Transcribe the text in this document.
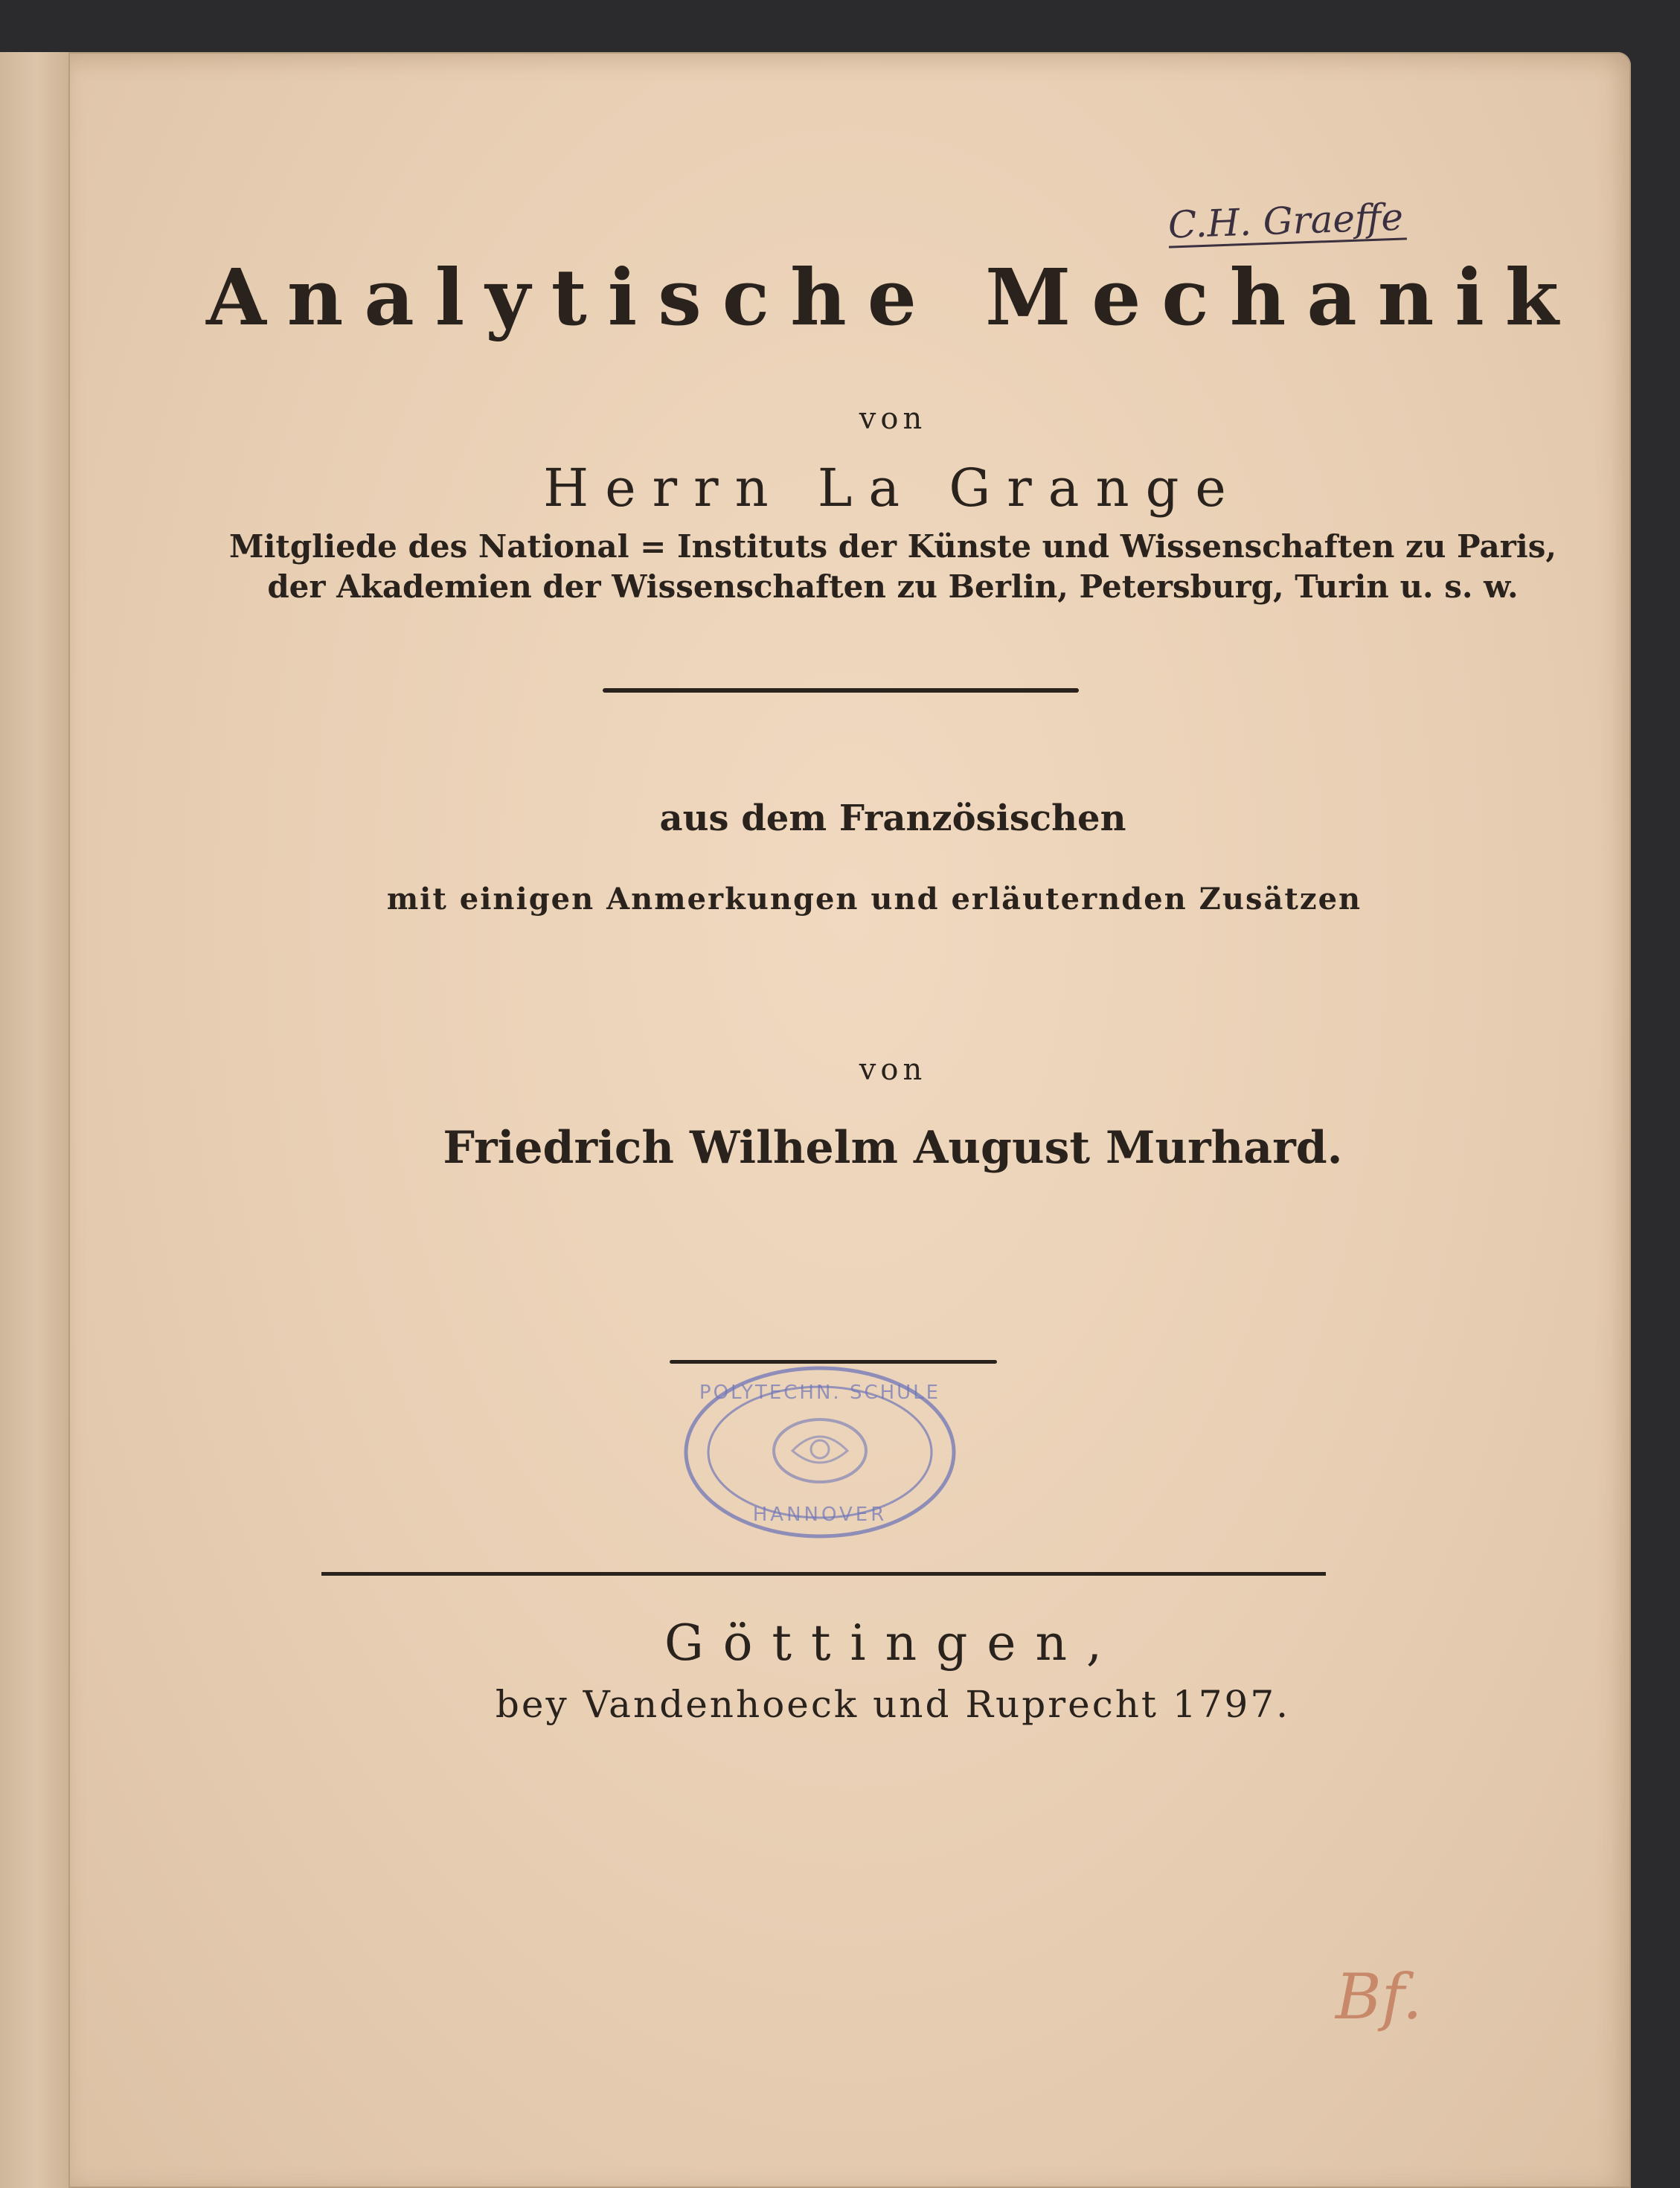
C.H. Graeffe
Analytische Mechanik
von
Herrn La Grange
Mitgliede des National = Instituts der Künste und Wissenschaften zu Paris,
der Akademien der Wissenschaften zu Berlin, Petersburg, Turin u. s. w.
aus dem Französischen
mit einigen Anmerkungen und erläuternden Zusätzen
von
Friedrich Wilhelm August Murhard.
POLYTECHN. SCHULE
HANNOVER
Göttingen,
bey Vandenhoeck und Ruprecht 1797.
Bf.
